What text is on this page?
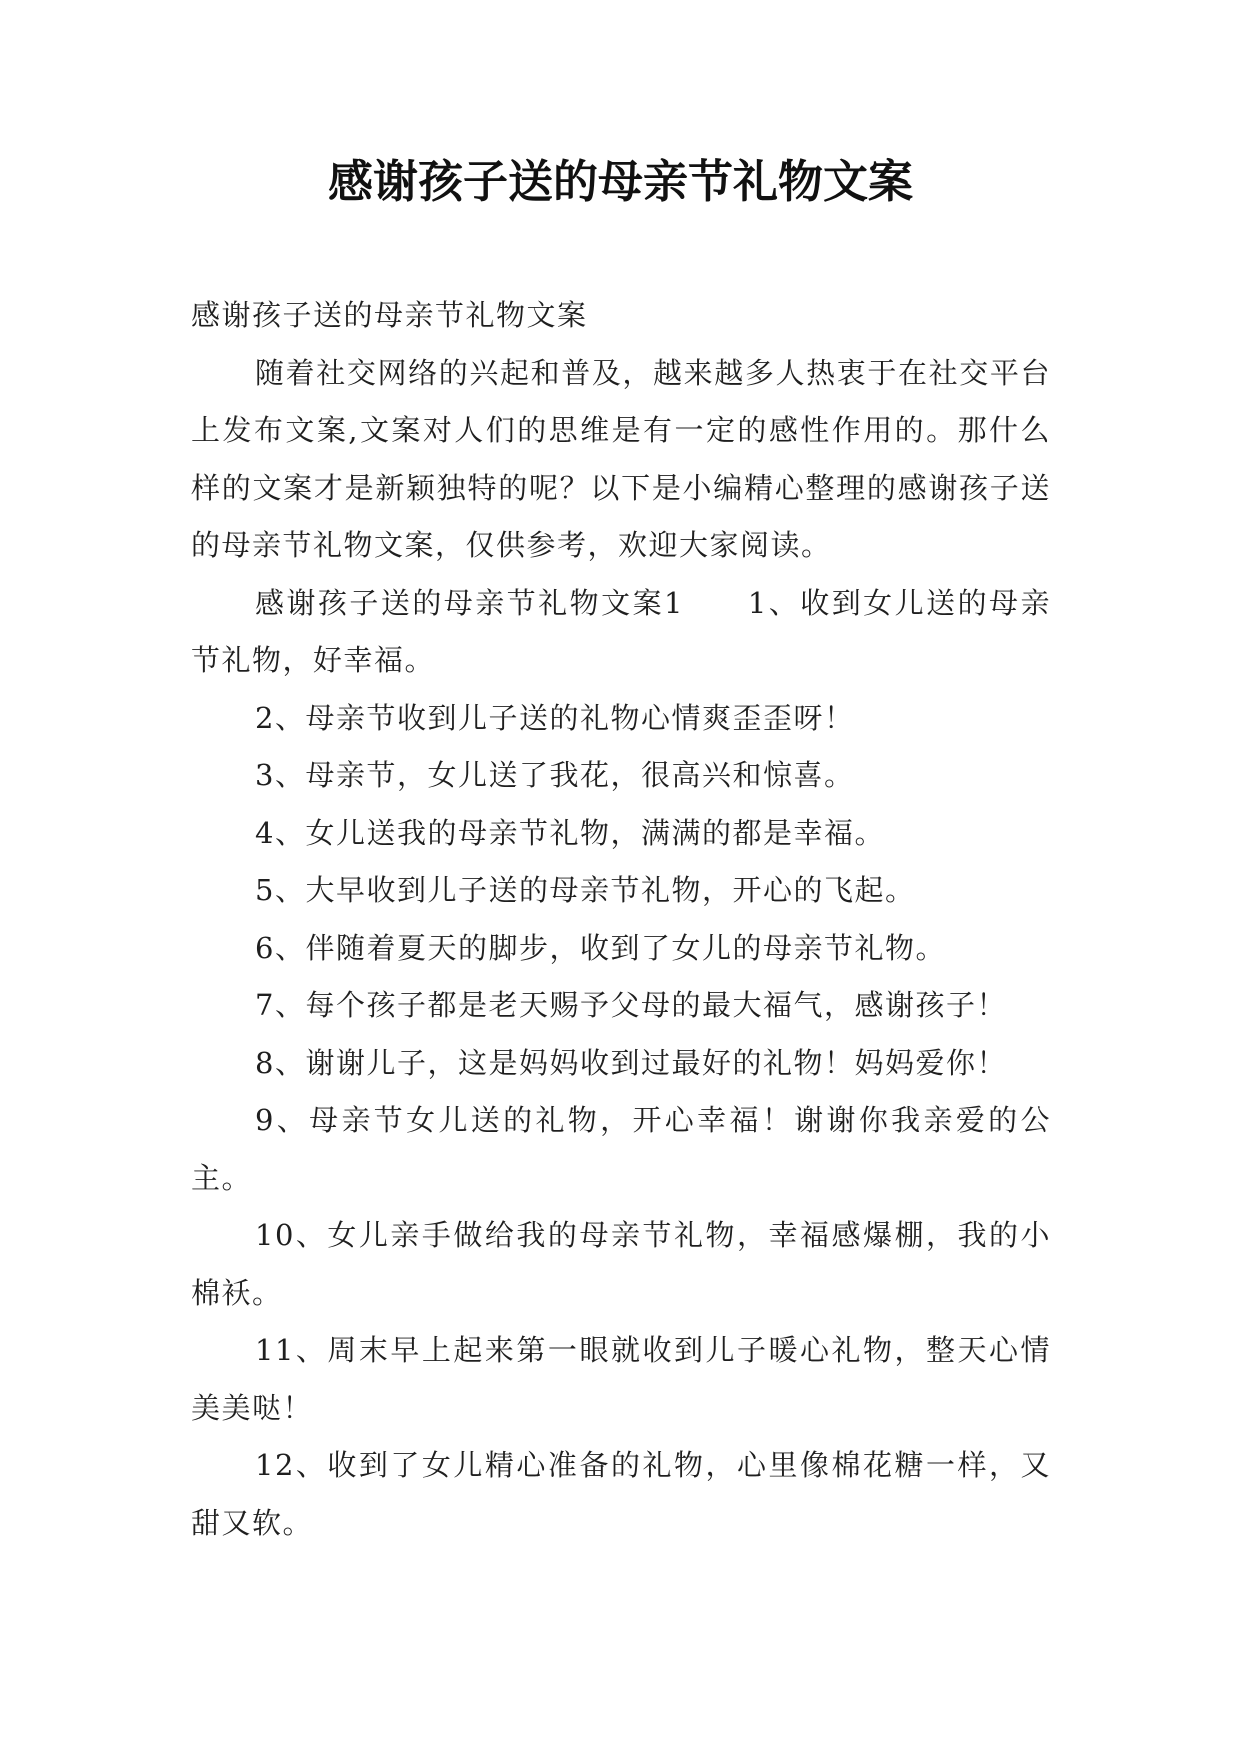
感谢孩子送的母亲节礼物文案

感谢孩子送的母亲节礼物文案

随着社交网络的兴起和普及，越来越多人热衷于在社交平台上发布文案,文案对人们的思维是有一定的感性作用的。那什么样的文案才是新颖独特的呢？以下是小编精心整理的感谢孩子送的母亲节礼物文案，仅供参考，欢迎大家阅读。

感谢孩子送的母亲节礼物文案1　　1、收到女儿送的母亲节礼物，好幸福。

2、母亲节收到儿子送的礼物心情爽歪歪呀！

3、母亲节，女儿送了我花，很高兴和惊喜。

4、女儿送我的母亲节礼物，满满的都是幸福。

5、大早收到儿子送的母亲节礼物，开心的飞起。

6、伴随着夏天的脚步，收到了女儿的母亲节礼物。

7、每个孩子都是老天赐予父母的最大福气，感谢孩子！

8、谢谢儿子，这是妈妈收到过最好的礼物！妈妈爱你！

9、母亲节女儿送的礼物，开心幸福！谢谢你我亲爱的公主。

10、女儿亲手做给我的母亲节礼物，幸福感爆棚，我的小棉袄。

11、周末早上起来第一眼就收到儿子暖心礼物，整天心情美美哒！

12、收到了女儿精心准备的礼物，心里像棉花糖一样，又甜又软。
